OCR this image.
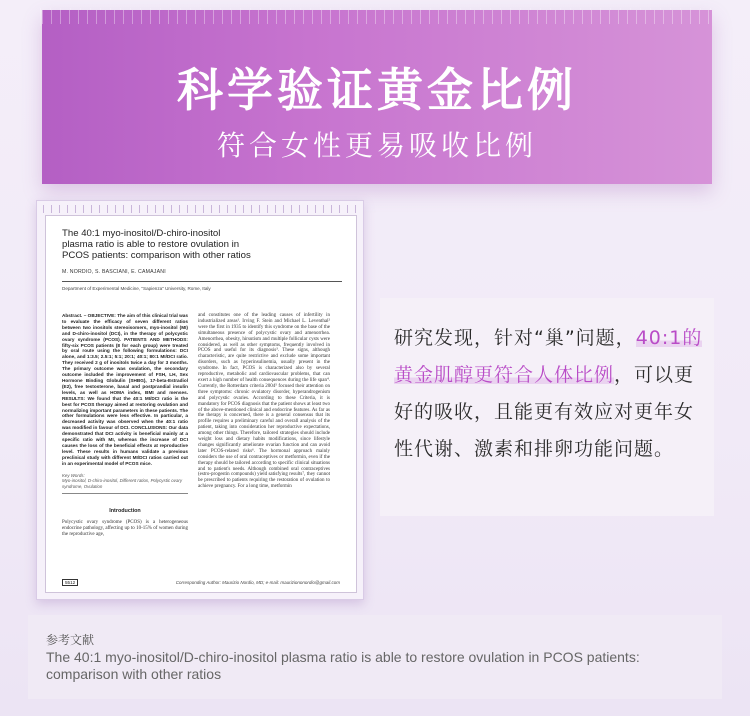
科学验证黄金比例
符合女性更易吸收比例
The 40:1 myo-inositol/D-chiro-inositol
plasma ratio is able to restore ovulation in
PCOS patients: comparison with other ratios
M. NORDIO, S. BASCIANI, E. CAMAJANI
Department of Experimental Medicine, "Sapienza" University, Rome, Italy
Abstract. – OBJECTIVE: The aim of this clinical trial was to evaluate the efficacy of seven different ratios between two inositols stereoisomers, myo-inositol (MI) and D-chiro-inositol (DCI), in the therapy of polycystic ovary syndrome (PCOS). PATIENTS AND METHODS: fifty-six PCOS patients (8 for each group) were treated by oral route using the following formulations: DCI alone, and 1:3.5; 2.5:1; 5:1; 20:1; 40:1; 80:1 MI/DCI ratio. They received 2 g of inositols twice a day for 3 months. The primary outcome was ovulation, the secondary outcome included the improvement of FSH, LH, Sex Hormone Binding Globulin (SHBG), 17-beta-Estradiol (E2), free testosterone, basal and postprandial insulin levels, as well as HOMA index, BMI and menses. RESULTS: We found that the 40:1 MI/DCI ratio is the best for PCOS therapy aimed at restoring ovulation and normalizing important parameters in these patients. The other formulations were less effective. In particular, a decreased activity was observed when the 40:1 ratio was modified in favour of DCI. CONCLUSIONS: Our data demonstrated that DCI activity is beneficial mainly at a specific ratio with MI, whereas the increase of DCI causes the loss of the beneficial effects at reproductive level. These results in humans validate a previous preclinical study with different MI/DCI ratios carried out in an experimental model of PCOS mice.
Key Words:
Myo-inositol, D-chiro-inositol, Different ratios, Polycystic ovary syndrome, Ovulation
Introduction
Polycystic ovary syndrome (PCOS) is a heterogeneous endocrine pathology, affecting up to 10-15% of women during the reproductive age,
and constitutes one of the leading causes of infertility in industrialized areas¹. Irving F. Stein and Michael L. Leventhal² were the first in 1935 to identify this syndrome on the base of the simultaneous presence of polycystic ovary and amenorrhea. Amenorrhea, obesity, hirsutism and multiple follicular cysts were considered, as well as other symptoms, frequently involved in PCOS and useful for its diagnosis³. These signs, although characteristic, are quite restrictive and exclude some important disorders, such as hyperinsulinemia, usually present in the syndrome. In fact, PCOS is characterized also by several reproductive, metabolic and cardiovascular problems, that can exert a high number of health consequences during the life span⁴. Currently, the Rotterdam criteria 2004⁵ focused their attention on three symptoms: chronic ovulatory disorder, hyperandrogenism and polycystic ovaries. According to these Criteria, it is mandatory for PCOS diagnosis that the patient shows at least two of the above-mentioned clinical and endocrine features. As far as the therapy is concerned, there is a general consensus that its profile requires a preliminary careful and overall analysis of the patient, taking into consideration her reproductive expectations, among other things. Therefore, tailored strategies should include weight loss and dietary habits modifications, since lifestyle changes significantly ameliorate ovarian function and can avoid later PCOS-related risks⁶. The hormonal approach mainly considers the use of oral contraceptives or metformin, even if the therapy should be tailored according to specific clinical situations and to patient's needs. Although combined oral contraceptives (estro-progestin compounds) yield satisfying results⁷, they cannot be prescribed to patients requiring the restoration of ovulation to achieve pregnancy. For a long time, metformin
5512	Corresponding Author: Maurizio Nordio, MD; e-mail: mauriziononordio@gmail.com
研究发现，针对“巢”问题，40:1的黄金肌醇更符合人体比例，可以更好的吸收，且能更有效应对更年女性代谢、激素和排卵功能问题。
参考文献
The 40:1 myo-inositol/D-chiro-inositol plasma ratio is able to restore ovulation in PCOS patients: comparison with other ratios
